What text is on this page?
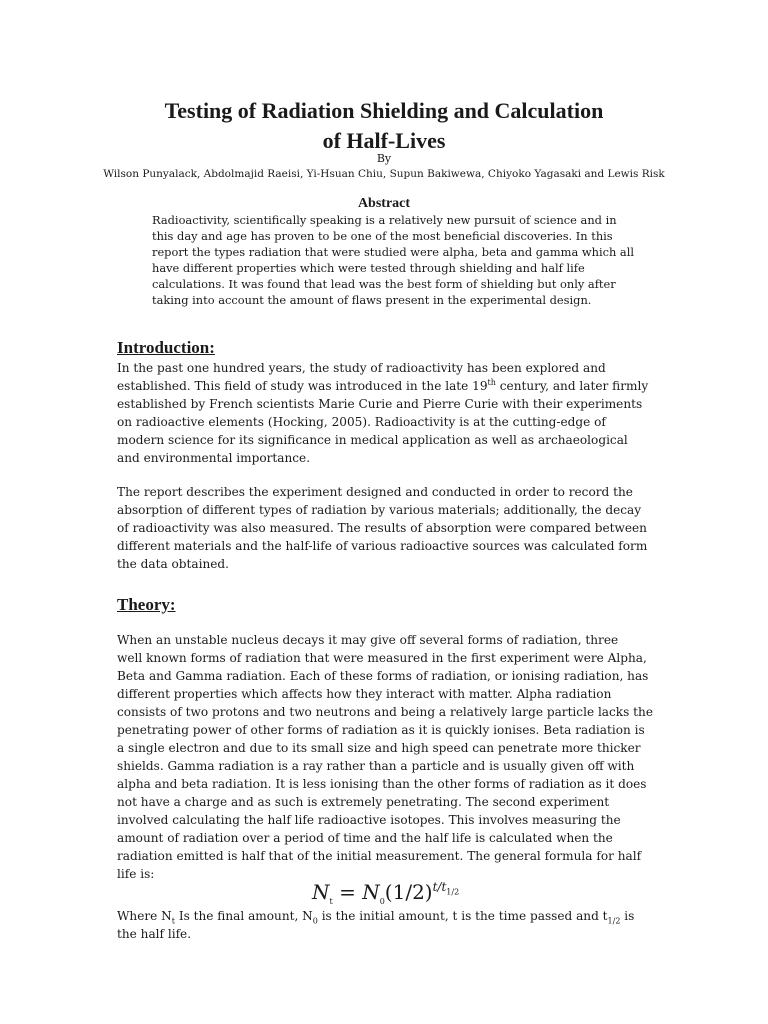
Testing of Radiation Shielding and Calculation
of Half-Lives
By
Wilson Punyalack, Abdolmajid Raeisi, Yi-Hsuan Chiu, Supun Bakiwewa, Chiyoko Yagasaki and Lewis Risk
Abstract
Radioactivity, scientifically speaking is a relatively new pursuit of science and in
this day and age has proven to be one of the most beneficial discoveries. In this
report the types radiation that were studied were alpha, beta and gamma which all
have different properties which were tested through shielding and half life
calculations. It was found that lead was the best form of shielding but only after
taking into account the amount of flaws present in the experimental design.
Introduction:
In the past one hundred years, the study of radioactivity has been explored and
established. This field of study was introduced in the late 19th century, and later firmly
established by French scientists Marie Curie and Pierre Curie with their experiments
on radioactive elements (Hocking, 2005). Radioactivity is at the cutting-edge of
modern science for its significance in medical application as well as archaeological
and environmental importance.
The report describes the experiment designed and conducted in order to record the
absorption of different types of radiation by various materials; additionally, the decay
of radioactivity was also measured. The results of absorption were compared between
different materials and the half-life of various radioactive sources was calculated form
the data obtained.
Theory:
When an unstable nucleus decays it may give off several forms of radiation, three
well known forms of radiation that were measured in the first experiment were Alpha,
Beta and Gamma radiation. Each of these forms of radiation, or ionising radiation, has
different properties which affects how they interact with matter. Alpha radiation
consists of two protons and two neutrons and being a relatively large particle lacks the
penetrating power of other forms of radiation as it is quickly ionises. Beta radiation is
a single electron and due to its small size and high speed can penetrate more thicker
shields. Gamma radiation is a ray rather than a particle and is usually given off with
alpha and beta radiation. It is less ionising than the other forms of radiation as it does
not have a charge and as such is extremely penetrating. The second experiment
involved calculating the half life radioactive isotopes. This involves measuring the
amount of radiation over a period of time and the half life is calculated when the
radiation emitted is half that of the initial measurement. The general formula for half
life is:
$N_t = N_0(1/2)^{t/t_{1/2}}$
Where $N_t$ Is the final amount, $N_0$ is the initial amount, t is the time passed and $t_{1/2}$ is
the half life.
